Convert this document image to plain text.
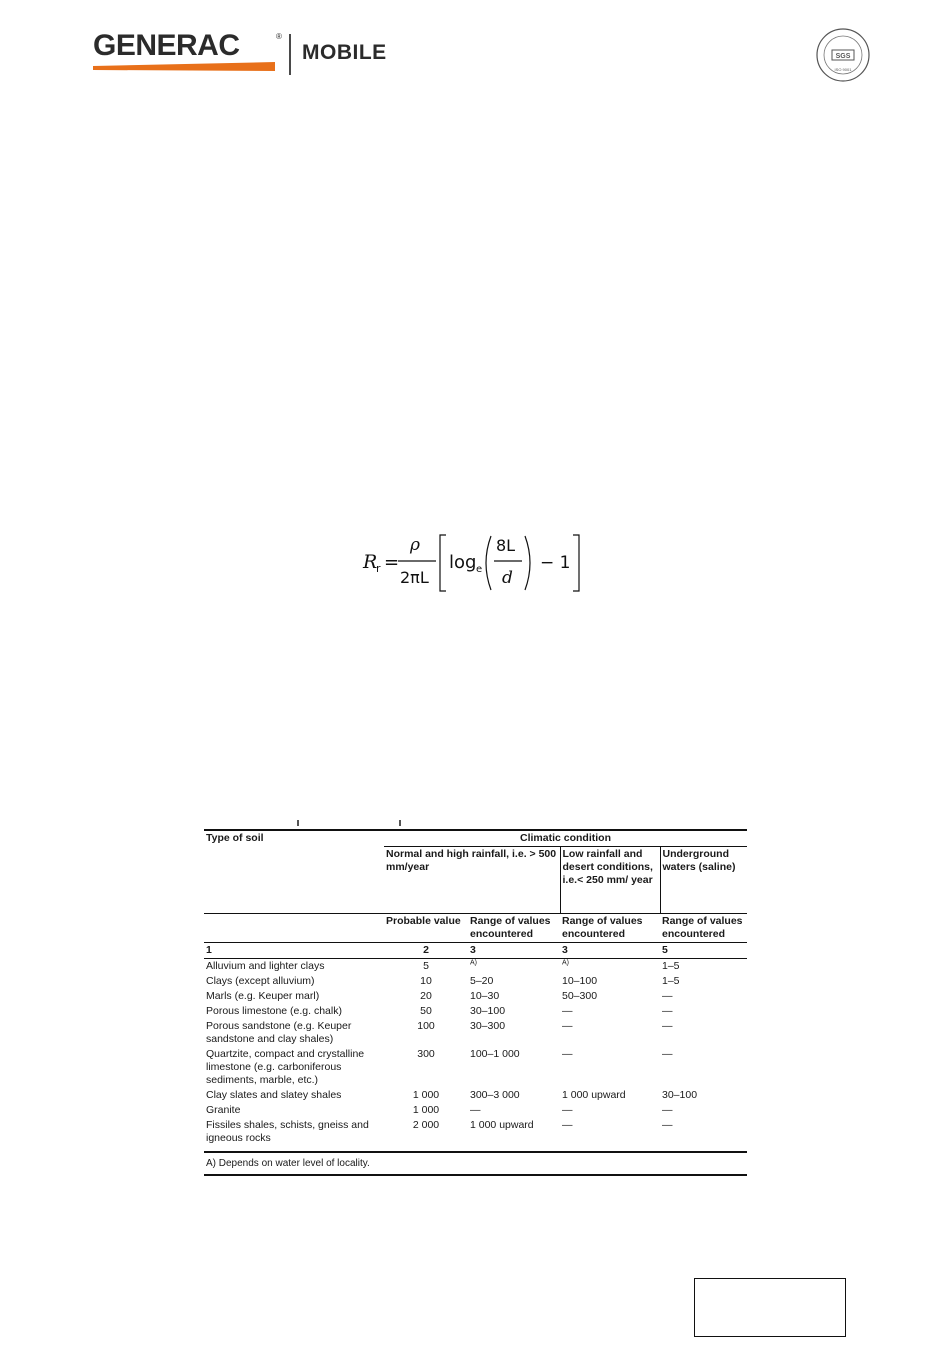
GENERAC	®
MOBILE	SGS
ISO 9001
R
r =
ρ
2πL
log e
8L
d
− 1
Type of soil	Climatic condition			
	Normal and high rainfall, i.e. > 500 mm/year		Low rainfall and desert conditions, i.e.< 250 mm/ year	Underground waters (saline)
	Probable value	Range of values encountered	Range of values encountered	Range of values encountered
1	2	3	3	5
Alluvium and lighter clays	5	$^{A)}$	$^{A)}$	1–5
Clays (except alluvium)	10	5–20	10–100	1–5
Marls (e.g. Keuper marl)	20	10–30	50–300	—
Porous limestone (e.g. chalk)	50	30–100	—	—
Porous sandstone (e.g. Keuper sandstone and clay shales)	100	30–300	—	—
Quartzite, compact and crystalline limestone (e.g. carboniferous sediments, marble, etc.)	300	100–1 000	—	—
Clay slates and slatey shales	1 000	300–3 000	1 000 upward	30–100
Granite	1 000	—	—	—
Fissiles shales, schists, gneiss and igneous rocks	2 000	1 000 upward	—	—
A) Depends on water level of locality.				
